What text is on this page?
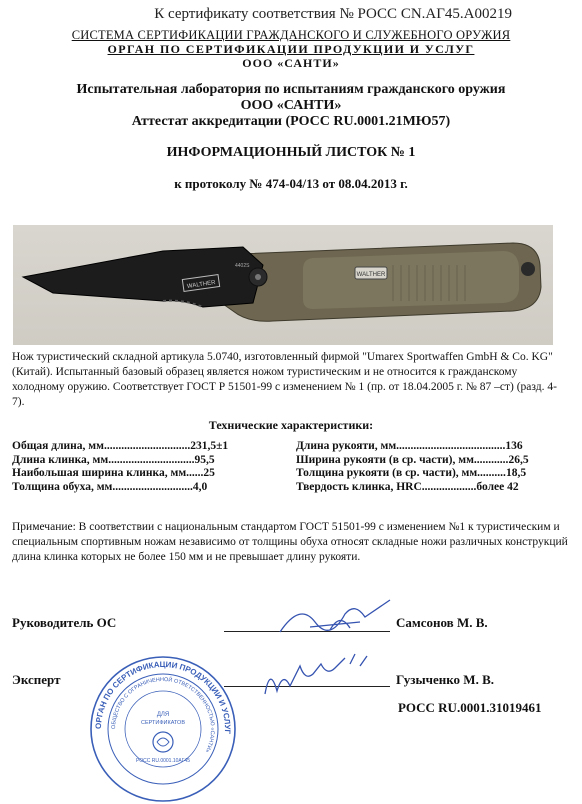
К сертификату соответствия № РОСС CN.АГ45.А00219
СИСТЕМА СЕРТИФИКАЦИИ ГРАЖДАНСКОГО И СЛУЖЕБНОГО ОРУЖИЯ
ОРГАН ПО СЕРТИФИКАЦИИ ПРОДУКЦИИ И УСЛУГ
ООО «САНТИ»
Испытательная лаборатория по испытаниям гражданского оружия
ООО «САНТИ»
Аттестат аккредитации (РОСС RU.0001.21МЮ57)
ИНФОРМАЦИОННЫЙ ЛИСТОК № 1
к протоколу № 474-04/13 от 08.04.2013 г.
WALTHER
4402S
WALTHER
Нож туристический складной артикула 5.0740, изготовленный фирмой "Umarex Sportwaffen GmbH & Co. KG" (Китай). Испытанный базовый образец является ножом туристическим и не относится к гражданскому холодному оружию. Соответствует ГОСТ Р 51501-99 с изменением № 1 (пр. от 18.04.2005 г. № 87 –ст) (разд. 4-7).
Технические характеристики:
Общая длина, мм..............................231,5±1
Длина клинка, мм..............................95,5
Наибольшая ширина клинка, мм......25
Толщина обуха, мм............................4,0
Длина рукояти, мм......................................136
Ширина рукояти (в ср. части), мм............26,5
Толщина рукояти (в ср. части), мм..........18,5
Твердость клинка, HRC...................более 42
Примечание: В соответствии с национальным стандартом ГОСТ 51501-99 с изменением №1 к туристическим и специальным спортивным ножам независимо от толщины обуха относят складные ножи различных конструкций длина клинка которых не более 150 мм и не превышает длину рукояти.
Руководитель ОС	Самсонов М. В.
Эксперт	Гузыченко М. В.
РОСС RU.0001.31019461
ОРГАН ПО СЕРТИФИКАЦИИ ПРОДУКЦИИ И УСЛУГ
ОБЩЕСТВО С ОГРАНИЧЕННОЙ ОТВЕТСТВЕННОСТЬЮ «САНТИ»
ДЛЯ
СЕРТИФИКАТОВ
РОСС RU.0001.10АГ45
